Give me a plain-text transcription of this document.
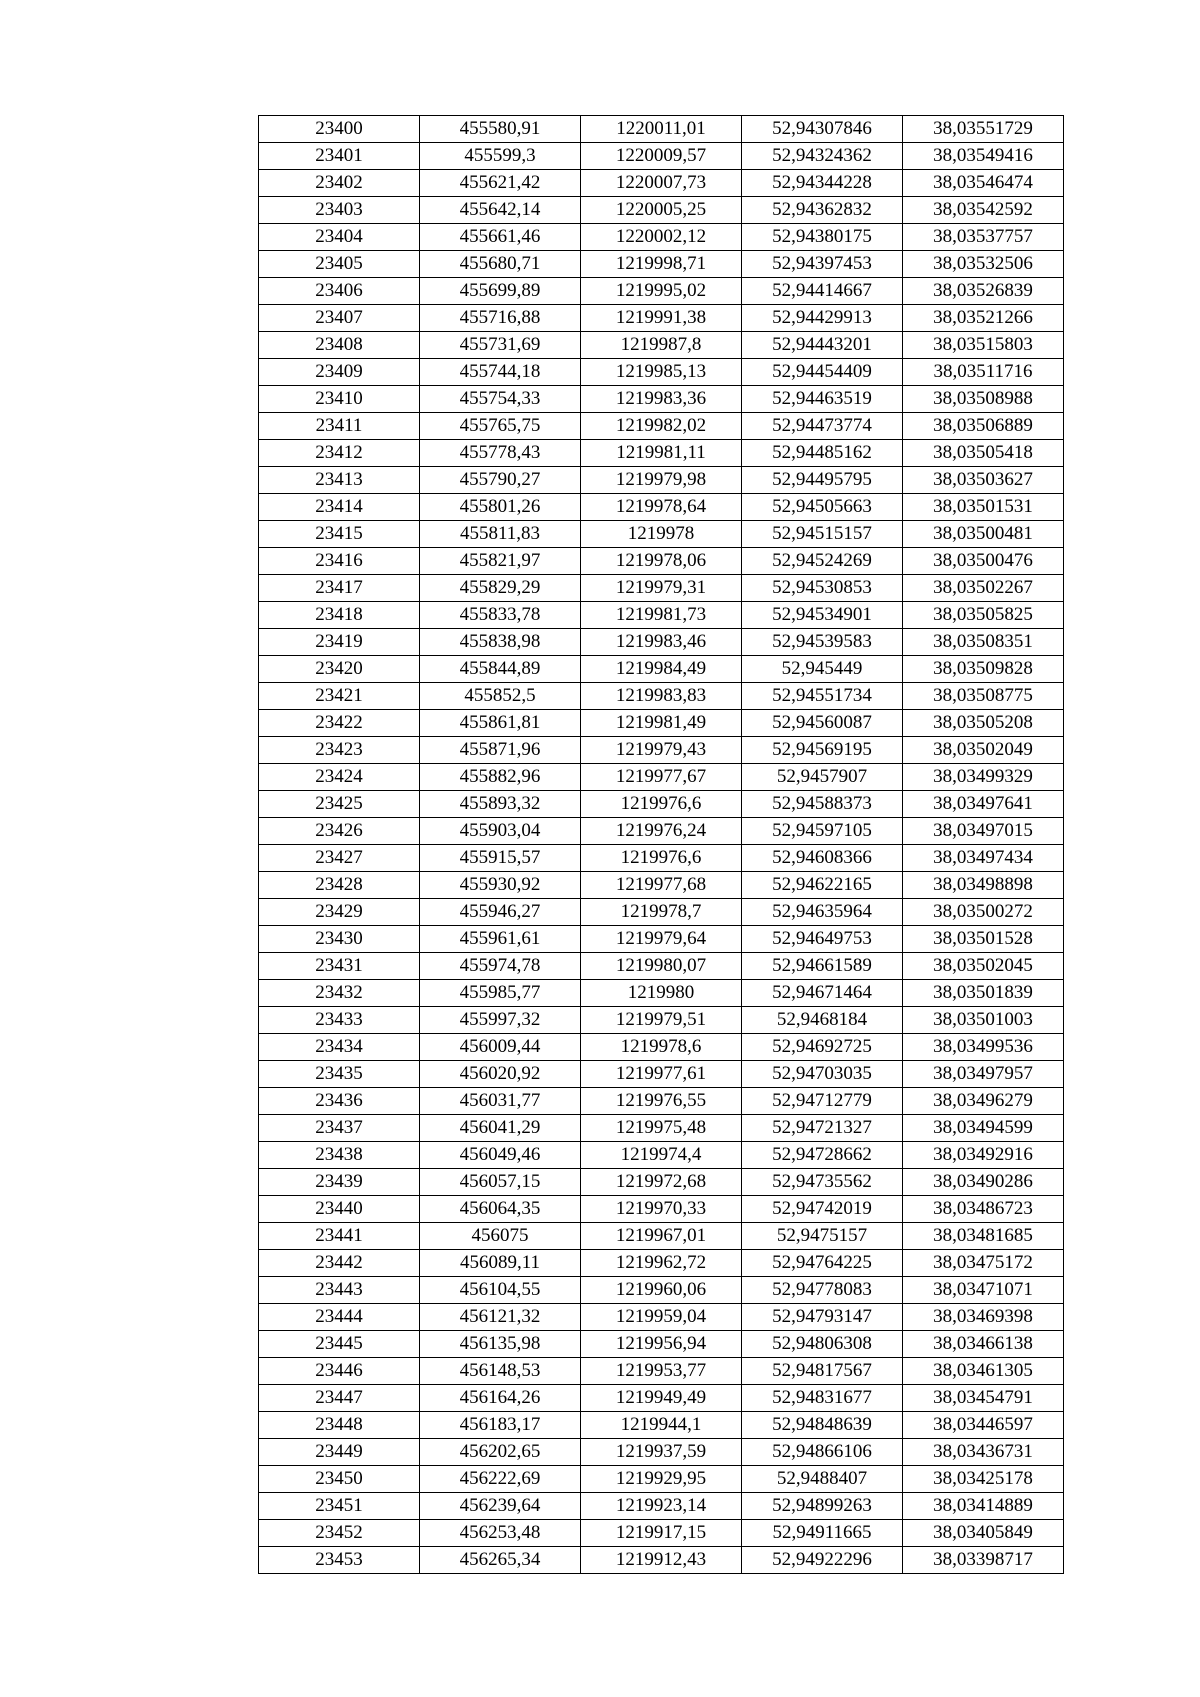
23400	455580,91	1220011,01	52,94307846	38,03551729
23401	455599,3	1220009,57	52,94324362	38,03549416
23402	455621,42	1220007,73	52,94344228	38,03546474
23403	455642,14	1220005,25	52,94362832	38,03542592
23404	455661,46	1220002,12	52,94380175	38,03537757
23405	455680,71	1219998,71	52,94397453	38,03532506
23406	455699,89	1219995,02	52,94414667	38,03526839
23407	455716,88	1219991,38	52,94429913	38,03521266
23408	455731,69	1219987,8	52,94443201	38,03515803
23409	455744,18	1219985,13	52,94454409	38,03511716
23410	455754,33	1219983,36	52,94463519	38,03508988
23411	455765,75	1219982,02	52,94473774	38,03506889
23412	455778,43	1219981,11	52,94485162	38,03505418
23413	455790,27	1219979,98	52,94495795	38,03503627
23414	455801,26	1219978,64	52,94505663	38,03501531
23415	455811,83	1219978	52,94515157	38,03500481
23416	455821,97	1219978,06	52,94524269	38,03500476
23417	455829,29	1219979,31	52,94530853	38,03502267
23418	455833,78	1219981,73	52,94534901	38,03505825
23419	455838,98	1219983,46	52,94539583	38,03508351
23420	455844,89	1219984,49	52,945449	38,03509828
23421	455852,5	1219983,83	52,94551734	38,03508775
23422	455861,81	1219981,49	52,94560087	38,03505208
23423	455871,96	1219979,43	52,94569195	38,03502049
23424	455882,96	1219977,67	52,9457907	38,03499329
23425	455893,32	1219976,6	52,94588373	38,03497641
23426	455903,04	1219976,24	52,94597105	38,03497015
23427	455915,57	1219976,6	52,94608366	38,03497434
23428	455930,92	1219977,68	52,94622165	38,03498898
23429	455946,27	1219978,7	52,94635964	38,03500272
23430	455961,61	1219979,64	52,94649753	38,03501528
23431	455974,78	1219980,07	52,94661589	38,03502045
23432	455985,77	1219980	52,94671464	38,03501839
23433	455997,32	1219979,51	52,9468184	38,03501003
23434	456009,44	1219978,6	52,94692725	38,03499536
23435	456020,92	1219977,61	52,94703035	38,03497957
23436	456031,77	1219976,55	52,94712779	38,03496279
23437	456041,29	1219975,48	52,94721327	38,03494599
23438	456049,46	1219974,4	52,94728662	38,03492916
23439	456057,15	1219972,68	52,94735562	38,03490286
23440	456064,35	1219970,33	52,94742019	38,03486723
23441	456075	1219967,01	52,9475157	38,03481685
23442	456089,11	1219962,72	52,94764225	38,03475172
23443	456104,55	1219960,06	52,94778083	38,03471071
23444	456121,32	1219959,04	52,94793147	38,03469398
23445	456135,98	1219956,94	52,94806308	38,03466138
23446	456148,53	1219953,77	52,94817567	38,03461305
23447	456164,26	1219949,49	52,94831677	38,03454791
23448	456183,17	1219944,1	52,94848639	38,03446597
23449	456202,65	1219937,59	52,94866106	38,03436731
23450	456222,69	1219929,95	52,9488407	38,03425178
23451	456239,64	1219923,14	52,94899263	38,03414889
23452	456253,48	1219917,15	52,94911665	38,03405849
23453	456265,34	1219912,43	52,94922296	38,03398717
